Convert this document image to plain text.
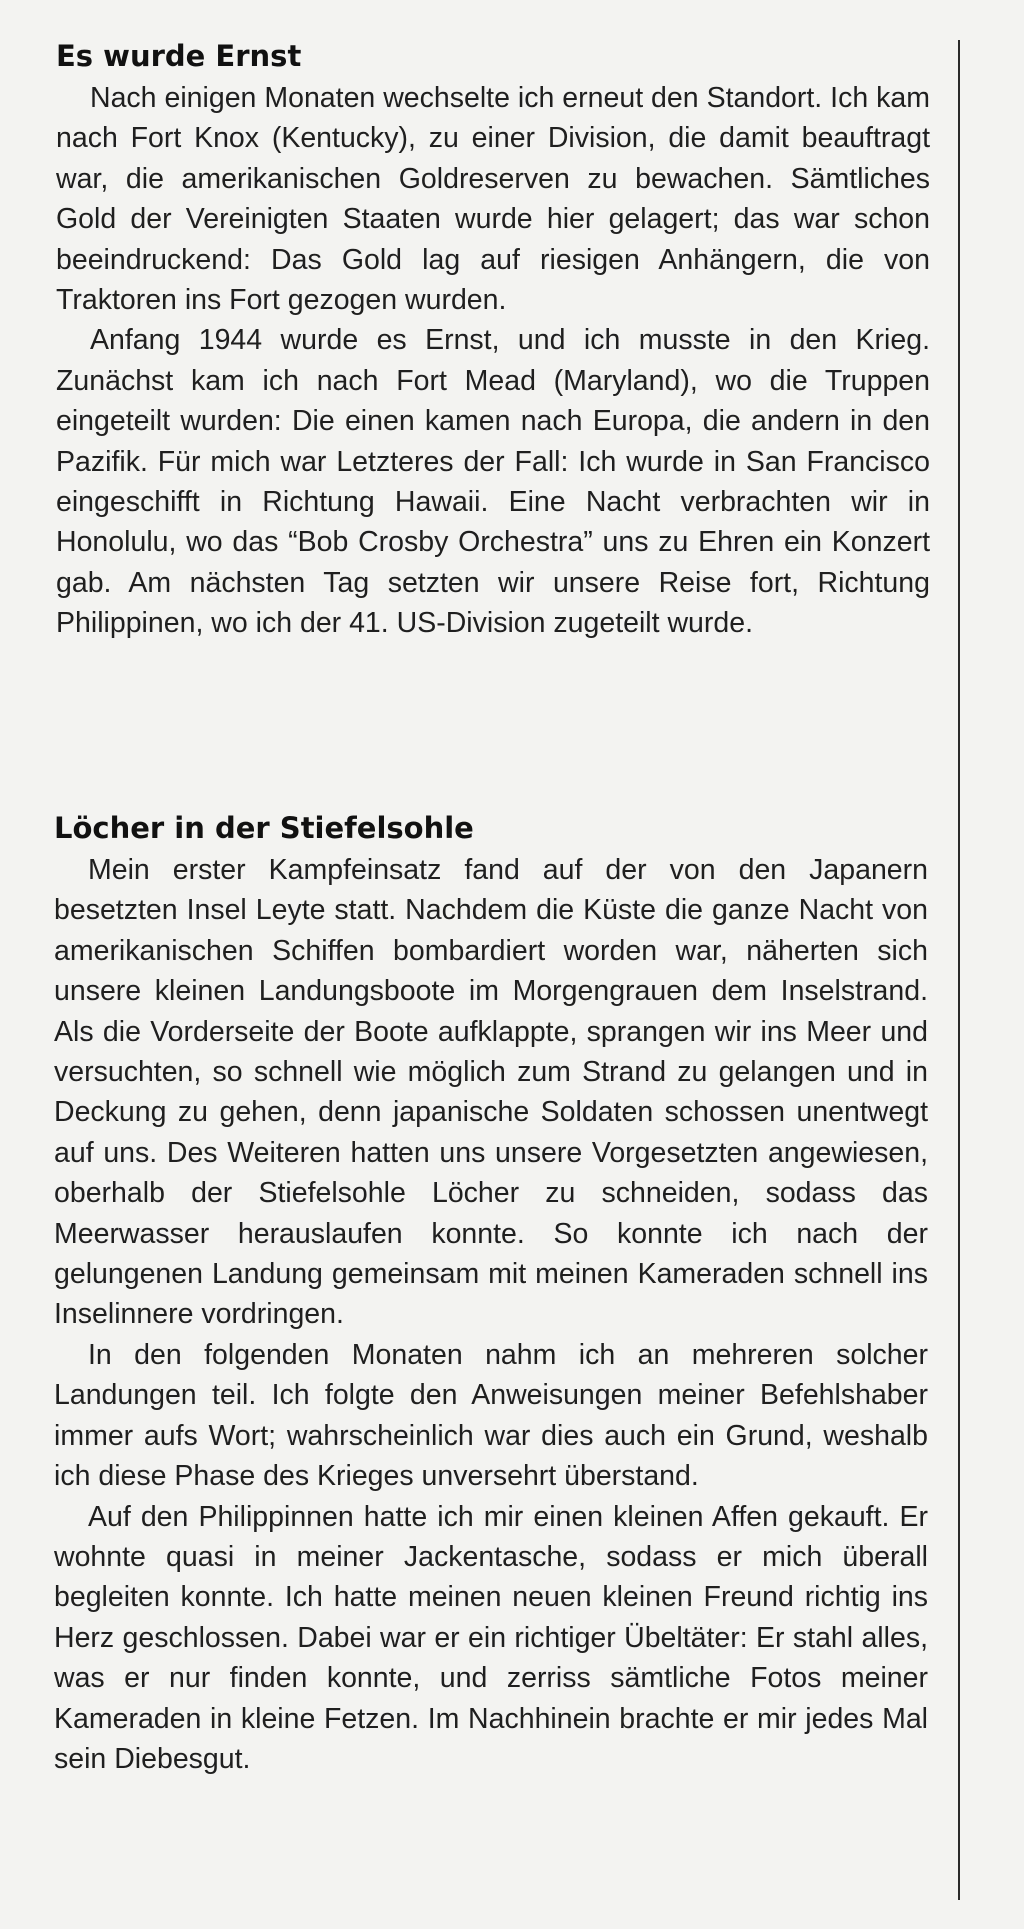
Es wurde Ernst

Nach einigen Monaten wechselte ich erneut den Standort. Ich kam nach Fort Knox (Kentucky), zu einer Division, die damit beauftragt war, die amerikanischen Goldreserven zu bewachen. Sämtliches Gold der Vereinigten Staaten wurde hier gelagert; das war schon beeindruckend: Das Gold lag auf riesigen Anhängern, die von Traktoren ins Fort gezogen wurden.

Anfang 1944 wurde es Ernst, und ich musste in den Krieg. Zunächst kam ich nach Fort Mead (Maryland), wo die Truppen eingeteilt wurden: Die einen kamen nach Europa, die andern in den Pazifik. Für mich war Letzteres der Fall: Ich wurde in San Francisco eingeschifft in Richtung Hawaii. Eine Nacht verbrachten wir in Honolulu, wo das “Bob Crosby Orchestra” uns zu Ehren ein Konzert gab. Am nächsten Tag setzten wir unsere Reise fort, Richtung Philippinen, wo ich der 41. US-Division zugeteilt wurde.

Löcher in der Stiefelsohle

Mein erster Kampfeinsatz fand auf der von den Japanern besetzten Insel Leyte statt. Nachdem die Küste die ganze Nacht von amerikanischen Schiffen bombardiert worden war, näherten sich unsere kleinen Landungsboote im Morgengrauen dem Inselstrand. Als die Vorderseite der Boote aufklappte, sprangen wir ins Meer und versuchten, so schnell wie möglich zum Strand zu gelangen und in Deckung zu gehen, denn japanische Soldaten schossen unentwegt auf uns. Des Weiteren hatten uns unsere Vorgesetzten angewiesen, oberhalb der Stiefelsohle Löcher zu schneiden, sodass das Meerwasser herauslaufen konnte. So konnte ich nach der gelungenen Landung gemeinsam mit meinen Kameraden schnell ins Inselinnere vordringen.

In den folgenden Monaten nahm ich an mehreren solcher Landungen teil. Ich folgte den Anweisungen meiner Befehlshaber immer aufs Wort; wahrscheinlich war dies auch ein Grund, weshalb ich diese Phase des Krieges unversehrt überstand.

Auf den Philippinnen hatte ich mir einen kleinen Affen gekauft. Er wohnte quasi in meiner Jackentasche, sodass er mich überall begleiten konnte. Ich hatte meinen neuen kleinen Freund richtig ins Herz geschlossen. Dabei war er ein richtiger Übeltäter: Er stahl alles, was er nur finden konnte, und zerriss sämtliche Fotos meiner Kameraden in kleine Fetzen. Im Nachhinein brachte er mir jedes Mal sein Diebesgut.
